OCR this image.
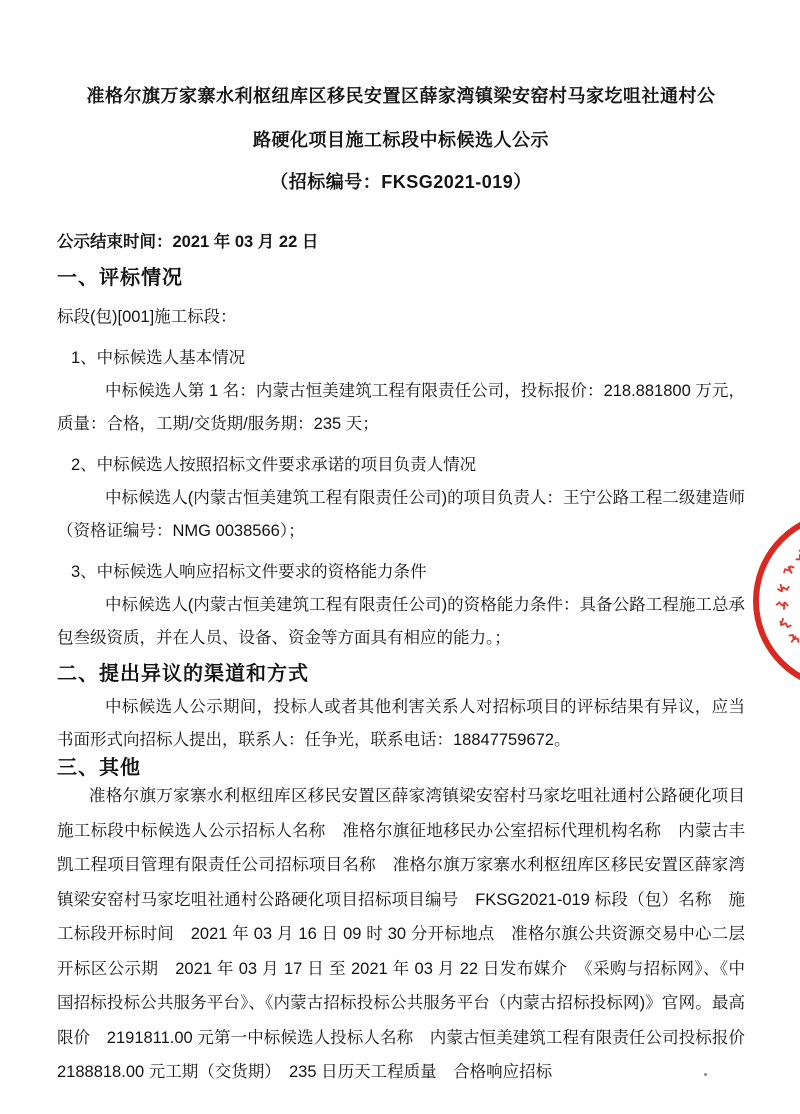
准格尔旗万家寨水利枢纽库区移民安置区薛家湾镇梁安窑村马家圪咀社通村公路硬化项目施工标段中标候选人公示
（招标编号：FKSG2021-019）

公示结束时间：2021 年 03 月 22 日

一、评标情况

标段(包)[001]施工标段：

1、中标候选人基本情况

中标候选人第 1 名：内蒙古恒美建筑工程有限责任公司，投标报价：218.881800 万元，质量：合格，工期/交货期/服务期：235 天；

2、中标候选人按照招标文件要求承诺的项目负责人情况

中标候选人(内蒙古恒美建筑工程有限责任公司)的项目负责人：王宁公路工程二级建造师（资格证编号：NMG 0038566）；

3、中标候选人响应招标文件要求的资格能力条件

中标候选人(内蒙古恒美建筑工程有限责任公司)的资格能力条件：具备公路工程施工总承包叁级资质，并在人员、设备、资金等方面具有相应的能力。；

二、提出异议的渠道和方式

中标候选人公示期间，投标人或者其他利害关系人对招标项目的评标结果有异议，应当书面形式向招标人提出，联系人：任争光，联系电话：18847759672。

三、其他

准格尔旗万家寨水利枢纽库区移民安置区薛家湾镇梁安窑村马家圪咀社通村公路硬化项目施工标段中标候选人公示招标人名称　准格尔旗征地移民办公室招标代理机构名称　内蒙古丰凯工程项目管理有限责任公司招标项目名称　准格尔旗万家寨水利枢纽库区移民安置区薛家湾镇梁安窑村马家圪咀社通村公路硬化项目招标项目编号　FKSG2021-019 标段（包）名称　施工标段开标时间　2021 年 03 月 16 日 09 时 30 分开标地点　准格尔旗公共资源交易中心二层开标区公示期　2021 年 03 月 17 日 至 2021 年 03 月 22 日发布媒介　《采购与招标网》、《中国招标投标公共服务平台》、《内蒙古招标投标公共服务平台（内蒙古招标投标网)》官网。最高限价　2191811.00 元第一中标候选人投标人名称　内蒙古恒美建筑工程有限责任公司投标报价 2188818.00 元工期（交货期）　235 日历天工程质量　合格响应招标
